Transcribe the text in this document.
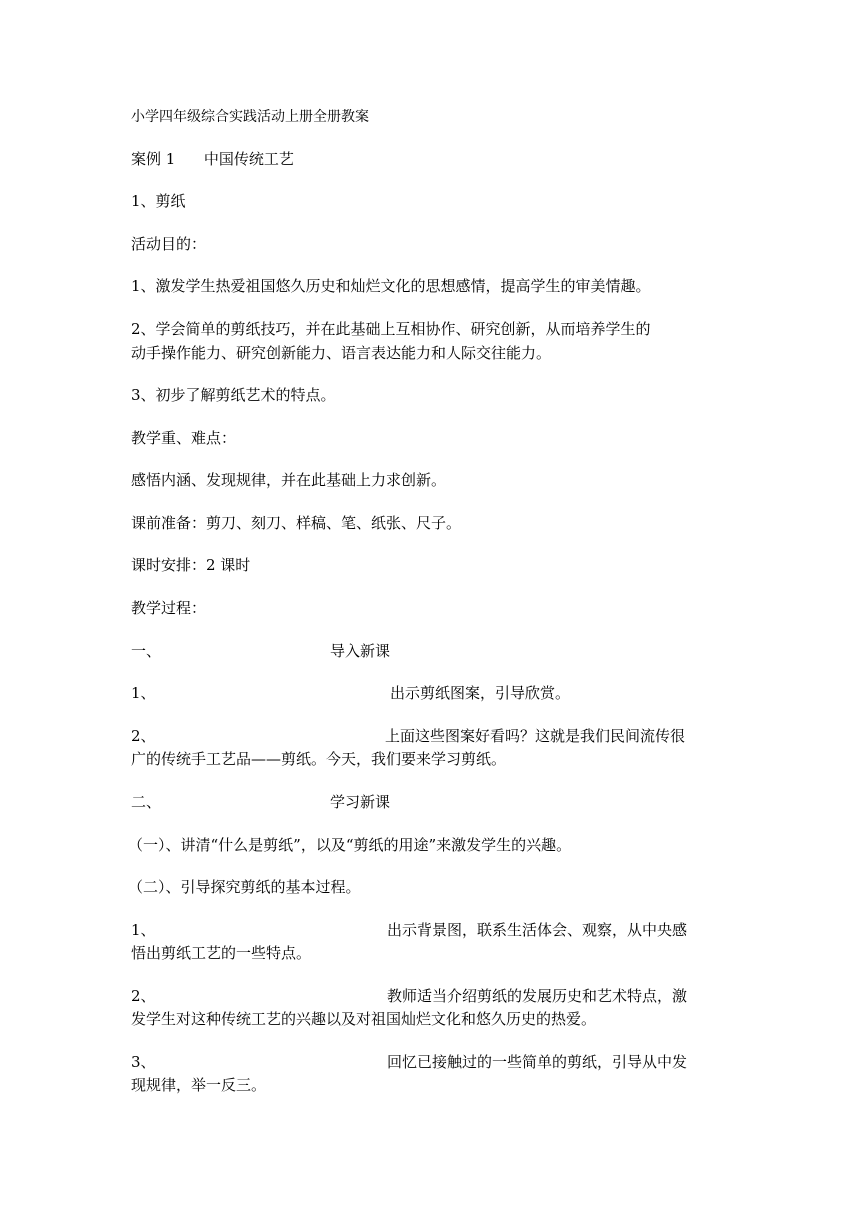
小学四年级综合实践活动上册全册教案
案例 1      中国传统工艺
1、剪纸
活动目的：
1、激发学生热爱祖国悠久历史和灿烂文化的思想感情，提高学生的审美情趣。
2、学会简单的剪纸技巧，并在此基础上互相协作、研究创新，从而培养学生的
动手操作能力、研究创新能力、语言表达能力和人际交往能力。
3、初步了解剪纸艺术的特点。
教学重、难点：
感悟内涵、发现规律，并在此基础上力求创新。
课前准备：剪刀、刻刀、样稿、笔、纸张、尺子。
课时安排：2 课时
教学过程：
一、	导入新课
1、	出示剪纸图案，引导欣赏。
2、	上面这些图案好看吗？这就是我们民间流传很
广的传统手工艺品——剪纸。今天，我们要来学习剪纸。
二、	学习新课
（一）、讲清“什么是剪纸”，以及“剪纸的用途”来激发学生的兴趣。
（二）、引导探究剪纸的基本过程。
1、	出示背景图，联系生活体会、观察，从中央感
悟出剪纸工艺的一些特点。
2、	教师适当介绍剪纸的发展历史和艺术特点，激
发学生对这种传统工艺的兴趣以及对祖国灿烂文化和悠久历史的热爱。
3、	回忆已接触过的一些简单的剪纸，引导从中发
现规律，举一反三。
